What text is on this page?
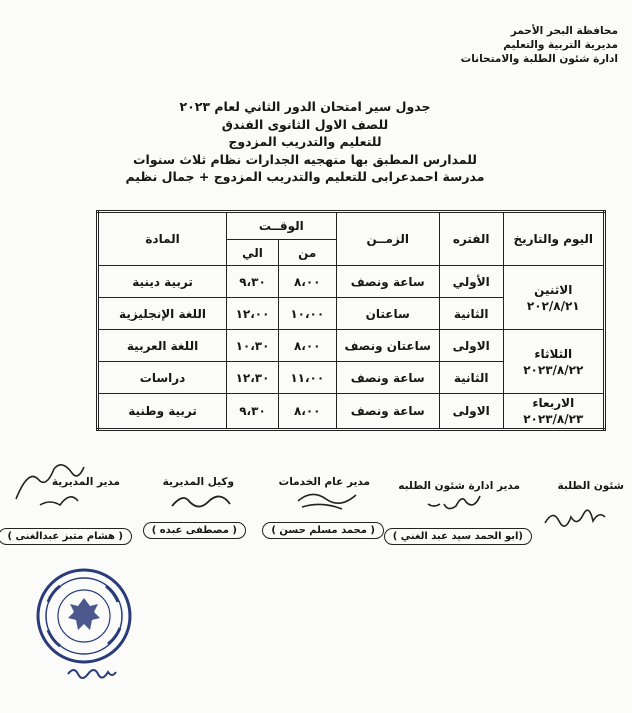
محافظة البحر الأحمر
مديرية التربية والتعليم
ادارة شئون الطلبة والامتحانات
جدول سير امتحان الدور الثاني لعام ٢٠٢٣
للصف الاول الثانوى الفندق
للتعليم والتدريب المزدوج
للمدارس المطبق بها منهجيه الجدارات نظام ثلاث سنوات
مدرسة احمدعرابى للتعليم والتدريب المزدوج + جمال نظيم
اليوم والتاريخ	الفتره	الزمــن	الوقــت		المادة
			من	الي	

الاثنين
٢٠٢/٨/٢١	الأولي	ساعة ونصف	٨،٠٠	٩،٣٠	تربية دينية
	الثانية	ساعتان	١٠،٠٠	١٢،٠٠	اللغة الإنجليزية

الثلاثاء
٢٠٢٣/٨/٢٢	الاولى	ساعتان ونصف	٨،٠٠	١٠،٣٠	اللغة العربية
	الثانية	ساعة ونصف	١١،٠٠	١٢،٣٠	دراسات

الاربعاء
٢٠٢٣/٨/٢٣	الاولى	ساعة ونصف	٨،٠٠	٩،٣٠	تربية وطنية
شئون الطلبة
مدير ادارة شئون الطلبه
مدير عام الخدمات
وكيل المديرية
مدير المديرية
(ابو الحمد سيد عبد الغني )
( محمد مسلم حسن )
( مصطفى عبده )
( هشام متبز عبدالغنى )
